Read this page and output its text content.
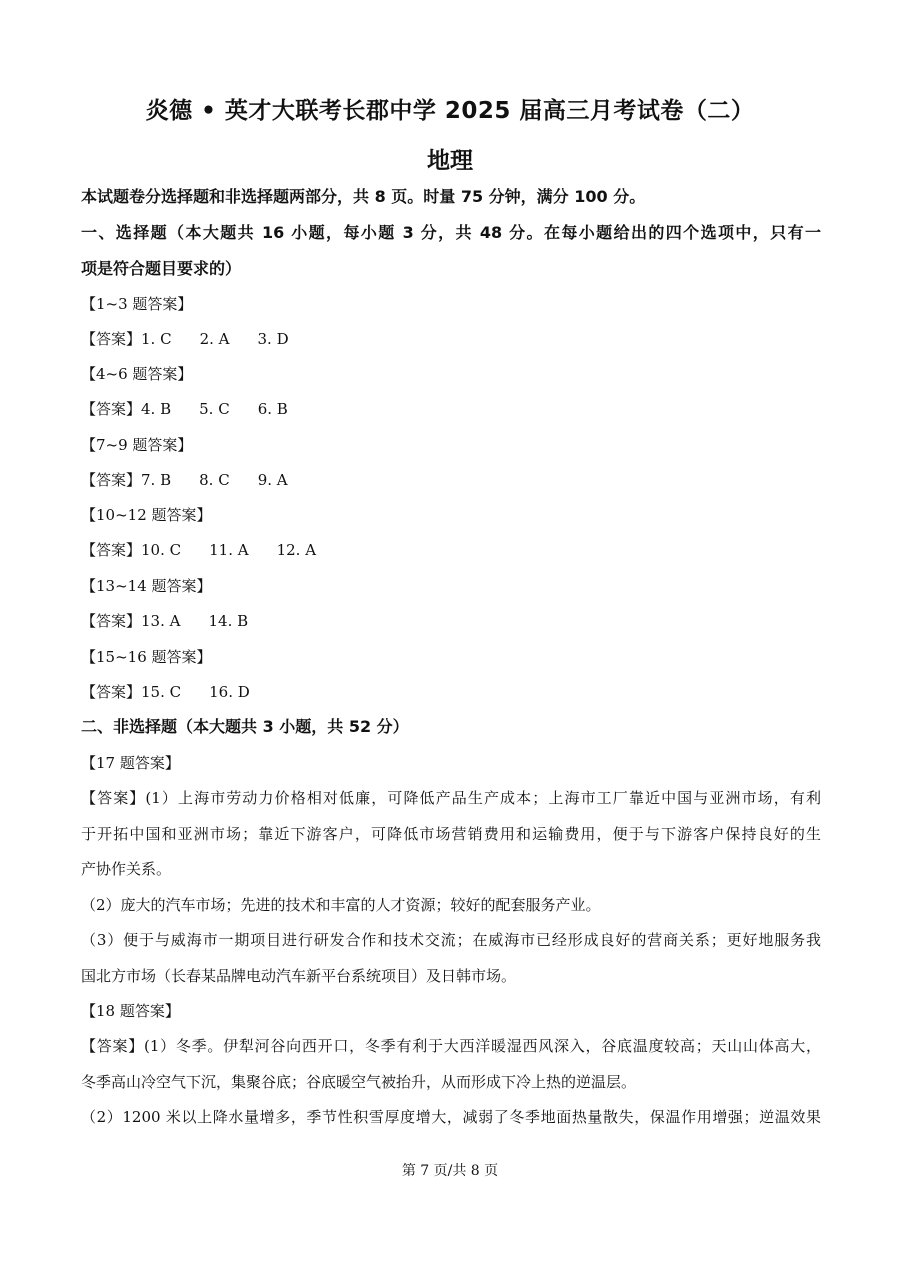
炎德 • 英才大联考长郡中学 2025 届高三月考试卷（二）
地理
本试题卷分选择题和非选择题两部分，共 8 页。时量 75 分钟，满分 100 分。
一、选择题（本大题共 16 小题，每小题 3 分，共 48 分。在每小题给出的四个选项中，只有一
项是符合题目要求的）
【1~3 题答案】
【答案】1. C 2. A 3. D
【4~6 题答案】
【答案】4. B 5. C 6. B
【7~9 题答案】
【答案】7. B 8. C 9. A
【10~12 题答案】
【答案】10. C 11. A 12. A
【13~14 题答案】
【答案】13. A 14. B
【15~16 题答案】
【答案】15. C 16. D
二、非选择题（本大题共 3 小题，共 52 分）
【17 题答案】
【答案】(1）上海市劳动力价格相对低廉，可降低产品生产成本；上海市工厂靠近中国与亚洲市场，有利
于开拓中国和亚洲市场；靠近下游客户，可降低市场营销费用和运输费用，便于与下游客户保持良好的生
产协作关系。
（2）庞大的汽车市场；先进的技术和丰富的人才资源；较好的配套服务产业。
（3）便于与威海市一期项目进行研发合作和技术交流；在威海市已经形成良好的营商关系；更好地服务我
国北方市场（长春某品牌电动汽车新平台系统项目）及日韩市场。
【18 题答案】
【答案】(1）冬季。伊犁河谷向西开口，冬季有利于大西洋暖湿西风深入，谷底温度较高；天山山体高大，
冬季高山冷空气下沉，集聚谷底；谷底暖空气被抬升，从而形成下冷上热的逆温层。
（2）1200 米以上降水量增多，季节性积雪厚度增大，减弱了冬季地面热量散失，保温作用增强；逆温效果
第 7 页/共 8 页
